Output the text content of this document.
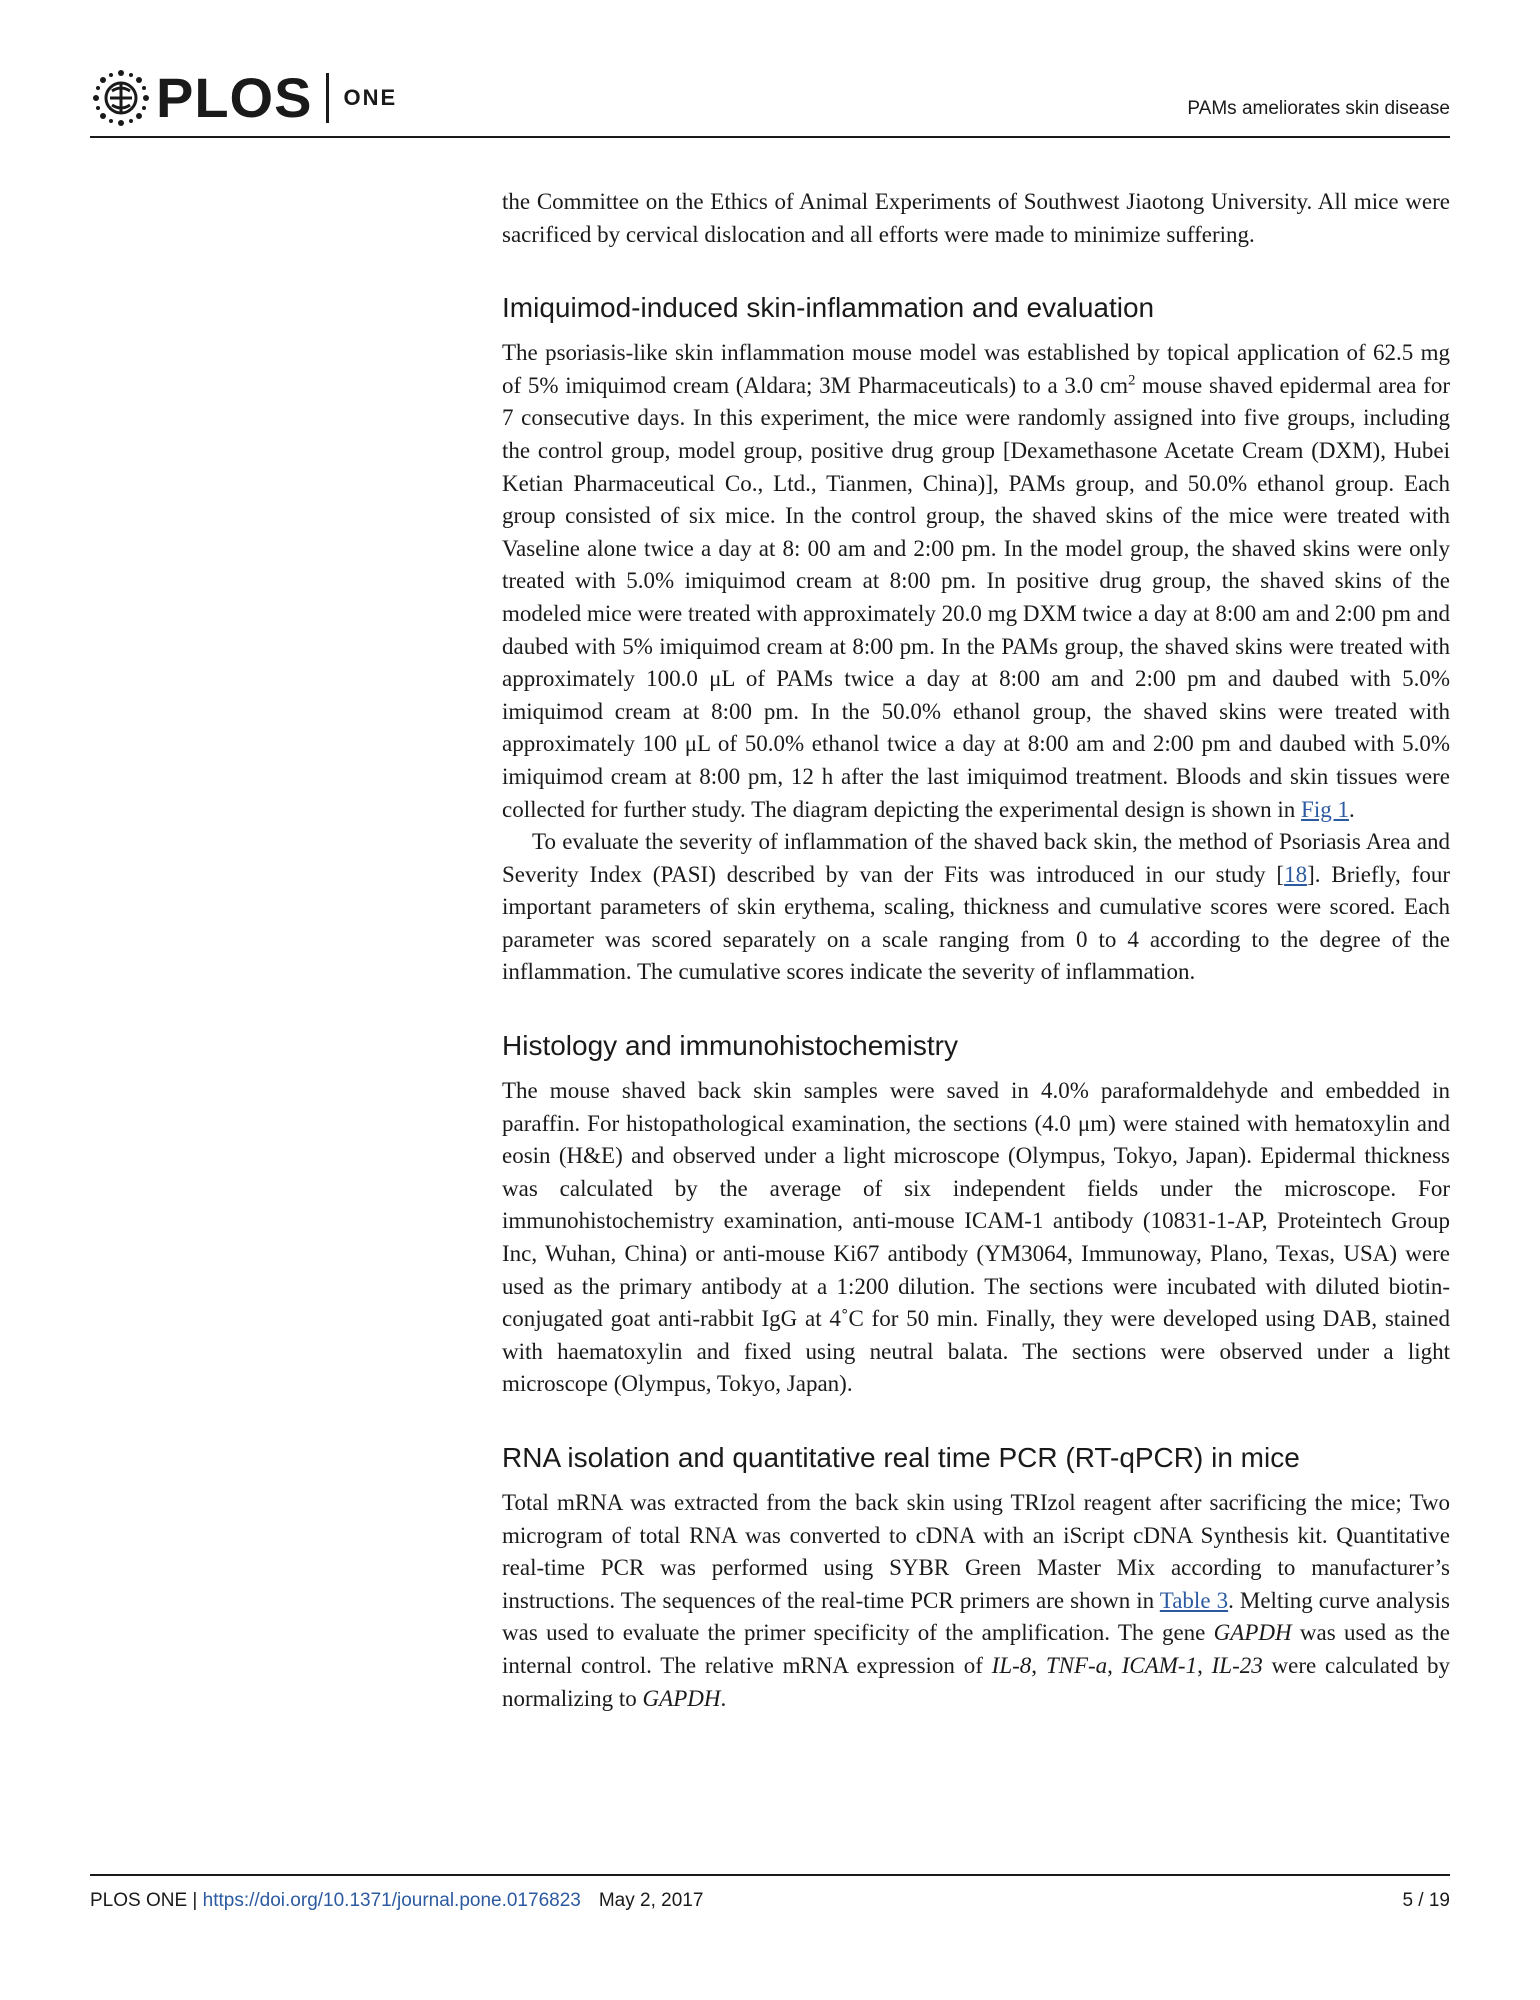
PLOS ONE	PAMs ameliorates skin disease

the Committee on the Ethics of Animal Experiments of Southwest Jiaotong University. All mice were sacrificed by cervical dislocation and all efforts were made to minimize suffering.

Imiquimod-induced skin-inflammation and evaluation

The psoriasis-like skin inflammation mouse model was established by topical application of 62.5 mg of 5% imiquimod cream (Aldara; 3M Pharmaceuticals) to a 3.0 $cm^2$ mouse shaved epidermal area for 7 consecutive days. In this experiment, the mice were randomly assigned into five groups, including the control group, model group, positive drug group [Dexamethasone Acetate Cream (DXM), Hubei Ketian Pharmaceutical Co., Ltd., Tianmen, China)], PAMs group, and 50.0% ethanol group. Each group consisted of six mice. In the control group, the shaved skins of the mice were treated with Vaseline alone twice a day at 8: 00 am and 2:00 pm. In the model group, the shaved skins were only treated with 5.0% imiquimod cream at 8:00 pm. In positive drug group, the shaved skins of the modeled mice were treated with approximately 20.0 mg DXM twice a day at 8:00 am and 2:00 pm and daubed with 5% imiquimod cream at 8:00 pm. In the PAMs group, the shaved skins were treated with approximately 100.0 μL of PAMs twice a day at 8:00 am and 2:00 pm and daubed with 5.0% imiquimod cream at 8:00 pm. In the 50.0% ethanol group, the shaved skins were treated with approximately 100 μL of 50.0% ethanol twice a day at 8:00 am and 2:00 pm and daubed with 5.0% imiquimod cream at 8:00 pm, 12 h after the last imiquimod treatment. Bloods and skin tissues were collected for further study. The diagram depicting the experimental design is shown in Fig 1.

To evaluate the severity of inflammation of the shaved back skin, the method of Psoriasis Area and Severity Index (PASI) described by van der Fits was introduced in our study [18]. Briefly, four important parameters of skin erythema, scaling, thickness and cumulative scores were scored. Each parameter was scored separately on a scale ranging from 0 to 4 according to the degree of the inflammation. The cumulative scores indicate the severity of inflammation.

Histology and immunohistochemistry

The mouse shaved back skin samples were saved in 4.0% paraformaldehyde and embedded in paraffin. For histopathological examination, the sections (4.0 μm) were stained with hematoxylin and eosin (H&E) and observed under a light microscope (Olympus, Tokyo, Japan). Epidermal thickness was calculated by the average of six independent fields under the microscope. For immunohistochemistry examination, anti-mouse ICAM-1 antibody (10831-1-AP, Proteintech Group Inc, Wuhan, China) or anti-mouse Ki67 antibody (YM3064, Immunoway, Plano, Texas, USA) were used as the primary antibody at a 1:200 dilution. The sections were incubated with diluted biotin-conjugated goat anti-rabbit IgG at 4˚C for 50 min. Finally, they were developed using DAB, stained with haematoxylin and fixed using neutral balata. The sections were observed under a light microscope (Olympus, Tokyo, Japan).

RNA isolation and quantitative real time PCR (RT-qPCR) in mice

Total mRNA was extracted from the back skin using TRIzol reagent after sacrificing the mice; Two microgram of total RNA was converted to cDNA with an iScript cDNA Synthesis kit. Quantitative real-time PCR was performed using SYBR Green Master Mix according to manufacturer’s instructions. The sequences of the real-time PCR primers are shown in Table 3. Melting curve analysis was used to evaluate the primer specificity of the amplification. The gene GAPDH was used as the internal control. The relative mRNA expression of IL-8, TNF-a, ICAM-1, IL-23 were calculated by normalizing to GAPDH.

PLOS ONE | https://doi.org/10.1371/journal.pone.0176823 May 2, 2017	5 / 19
